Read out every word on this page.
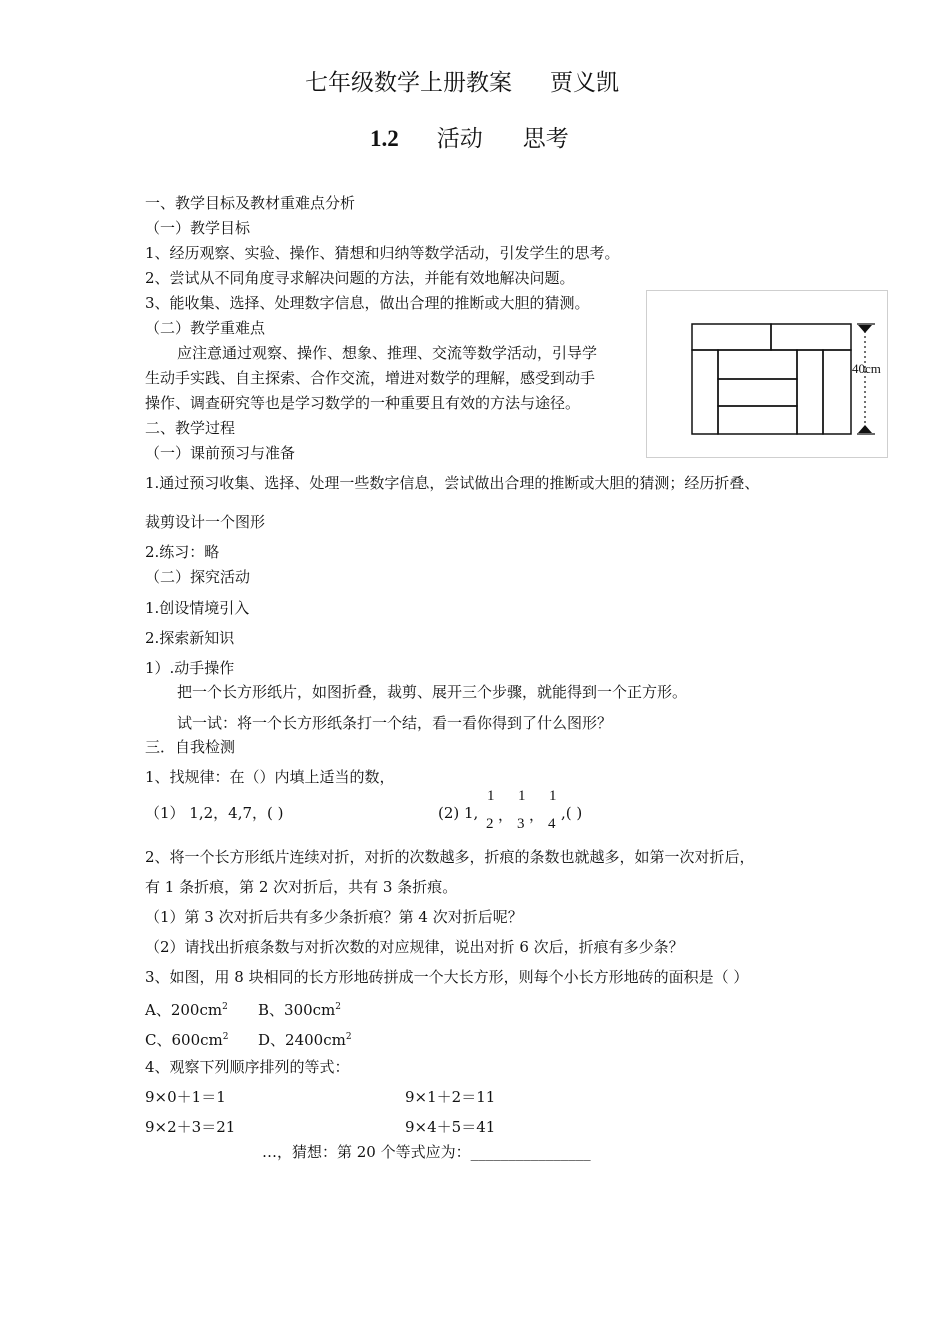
七年级数学上册教案 贾义凯
1.2 活动 思考
一、教学目标及教材重难点分析
（一）教学目标
1、经历观察、实验、操作、猜想和归纳等数学活动，引发学生的思考。
2、尝试从不同角度寻求解决问题的方法，并能有效地解决问题。
3、能收集、选择、处理数字信息，做出合理的推断或大胆的猜测。
（二）教学重难点
应注意通过观察、操作、想象、推理、交流等数学活动，引导学
生动手实践、自主探索、合作交流，增进对数学的理解，感受到动手
操作、调查研究等也是学习数学的一种重要且有效的方法与途径。
二、教学过程
（一）课前预习与准备
1.通过预习收集、选择、处理一些数字信息，尝试做出合理的推断或大胆的猜测；经历折叠、
裁剪设计一个图形
2.练习：略
（二）探究活动
1.创设情境引入
2.探索新知识
1）.动手操作
把一个长方形纸片，如图折叠，裁剪、展开三个步骤，就能得到一个正方形。
试一试：将一个长方形纸条打一个结，看一看你得到了什么图形？
三．自我检测
1、找规律：在（）内填上适当的数，
（1） 1,2，4,7，( )	(2) 1,
1
2 ，
1
3 ，
1
4
,( )
2、将一个长方形纸片连续对折，对折的次数越多，折痕的条数也就越多，如第一次对折后，
有 1 条折痕，第 2 次对折后，共有 3 条折痕。
（1）第 3 次对折后共有多少条折痕？第 4 次对折后呢？
（2）请找出折痕条数与对折次数的对应规律，说出对折 6 次后，折痕有多少条？
3、如图，用 8 块相同的长方形地砖拼成一个大长方形，则每个小长方形地砖的面积是（ ）
A、$200cm^2$ B、$300cm^2$
C、$600cm^2$ D、$2400cm^2$
4、观察下列顺序排列的等式：
9×0＋1＝1	9×1＋2＝11
9×2＋3＝21	9×4＋5＝41
…，猜想：第 20 个等式应为：________________
40cm
